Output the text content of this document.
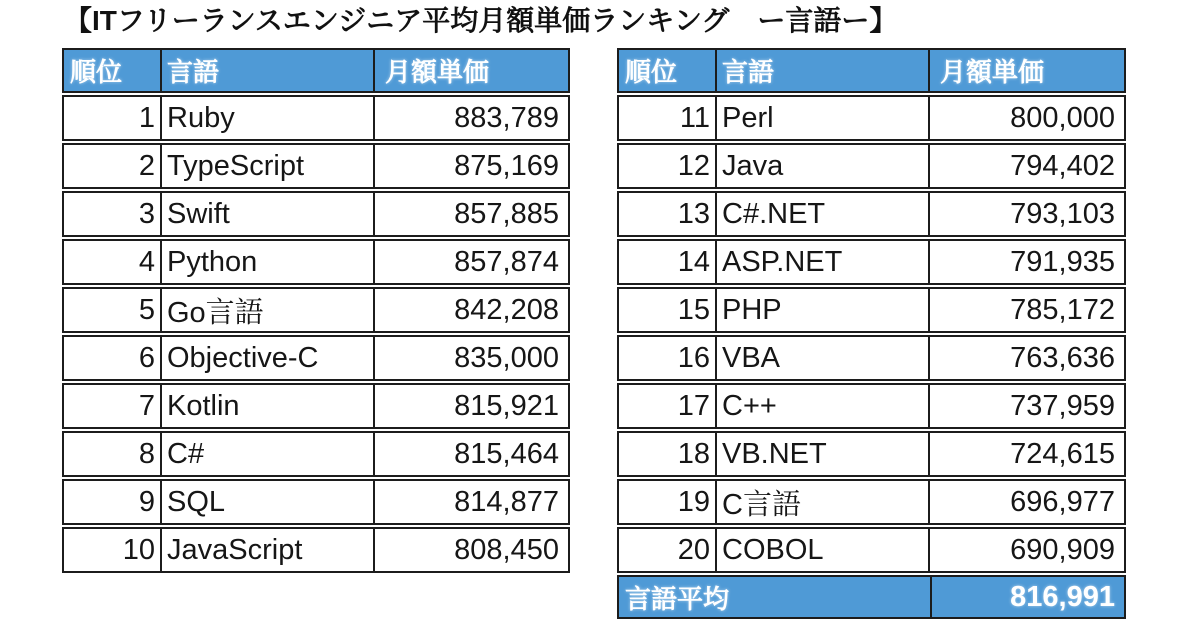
【ITフリーランスエンジニア平均月額単価ランキング　ー言語ー】
順位	言語	月額単価
1 Ruby	883,789
2 TypeScript	875,169
3 Swift	857,885
4 Python	857,874
5 Go言語	842,208
6 Objective-C	835,000
7 Kotlin	815,921
8 C#	815,464
9 SQL	814,877
10 JavaScript	808,450
順位	言語	月額単価
11 Perl	800,000
12 Java	794,402
13 C#.NET	793,103
14 ASP.NET	791,935
15 PHP	785,172
16 VBA	763,636
17 C++	737,959
18 VB.NET	724,615
19 C言語	696,977
20 COBOL	690,909
言語平均	816,991
